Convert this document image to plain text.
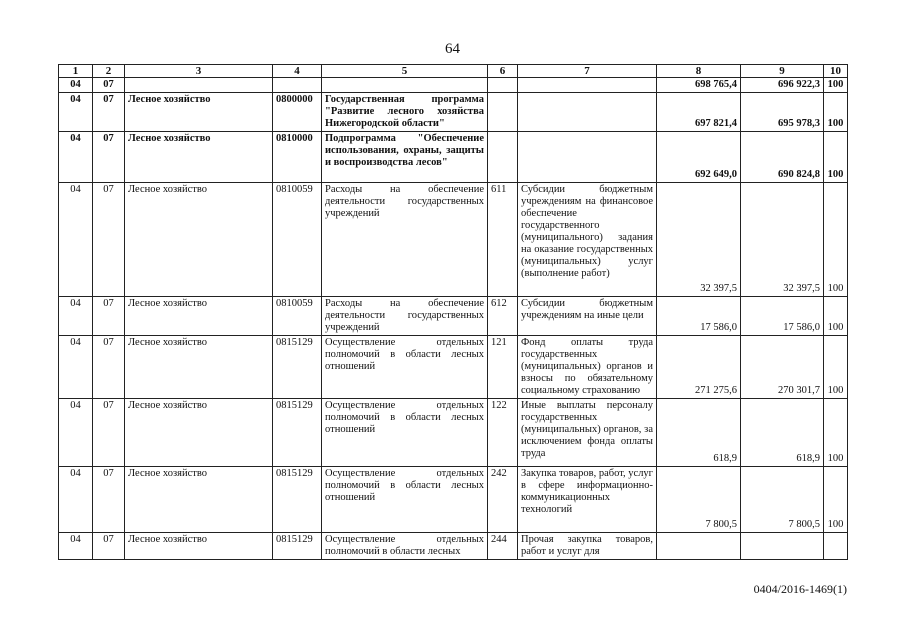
64
1	2	3	4	5	6	7	8	9	10
04	07						698 765,4	696 922,3	100
04	07	Лесное хозяйство	0800000	Государственная программа "Развитие лесного хозяйства Нижегородской области"			697 821,4	695 978,3	100
04	07	Лесное хозяйство	0810000	Подпрограмма "Обеспечение использования, охраны, защиты и воспроизводства лесов"			692 649,0	690 824,8	100
04	07	Лесное хозяйство	0810059	Расходы на обеспечение деятельности государственных учреждений	611	Субсидии бюджетным учреждениям на финансовое обеспечение государственного (муниципального) задания на оказание государственных (муниципальных) услуг (выполнение работ)	32 397,5	32 397,5	100
04	07	Лесное хозяйство	0810059	Расходы на обеспечение деятельности государственных учреждений	612	Субсидии бюджетным учреждениям на иные цели	17 586,0	17 586,0	100
04	07	Лесное хозяйство	0815129	Осуществление отдельных полномочий в области лесных отношений	121	Фонд оплаты труда государственных (муниципальных) органов и взносы по обязательному социальному страхованию	271 275,6	270 301,7	100
04	07	Лесное хозяйство	0815129	Осуществление отдельных полномочий в области лесных отношений	122	Иные выплаты персоналу государственных (муниципальных) органов, за исключением фонда оплаты труда	618,9	618,9	100
04	07	Лесное хозяйство	0815129	Осуществление отдельных полномочий в области лесных отношений	242	Закупка товаров, работ, услуг в сфере информационно-коммуникационных технологий	7 800,5	7 800,5	100
04	07	Лесное хозяйство	0815129	Осуществление отдельных полномочий в области лесных	244	Прочая закупка товаров, работ и услуг для			
0404/2016-1469(1)
